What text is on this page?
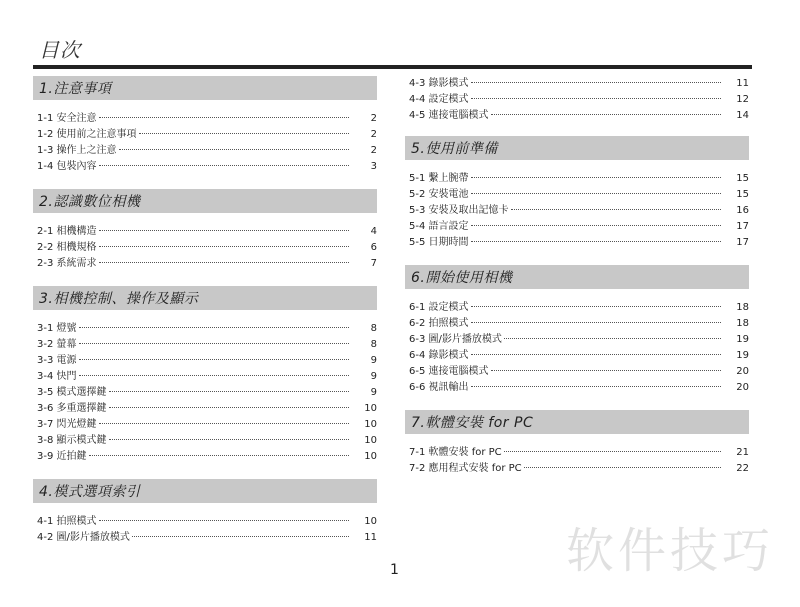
目次
1.注意事項
1-1 安全注意	2
1-2 使用前之注意事項	2
1-3 操作上之注意	2
1-4 包裝內容	3
2.認識數位相機
2-1 相機構造	4
2-2 相機規格	6
2-3 系統需求	7
3.相機控制、操作及顯示
3-1 燈號	8
3-2 螢幕	8
3-3 電源	9
3-4 快門	9
3-5 模式選擇鍵	9
3-6 多重選擇鍵	10
3-7 閃光燈鍵	10
3-8 顯示模式鍵	10
3-9 近拍鍵	10
4.模式選項索引
4-1 拍照模式	10
4-2 圖/影片播放模式	11
4-3 錄影模式	11
4-4 設定模式	12
4-5 連接電腦模式	14
5.使用前準備
5-1 繫上腕帶	15
5-2 安裝電池	15
5-3 安裝及取出記憶卡	16
5-4 語言設定	17
5-5 日期時間	17
6.開始使用相機
6-1 設定模式	18
6-2 拍照模式	18
6-3 圖/影片播放模式	19
6-4 錄影模式	19
6-5 連接電腦模式	20
6-6 視訊輸出	20
7.軟體安裝 for PC
7-1 軟體安裝 for PC	21
7-2 應用程式安裝 for PC	22
软件技巧
1
